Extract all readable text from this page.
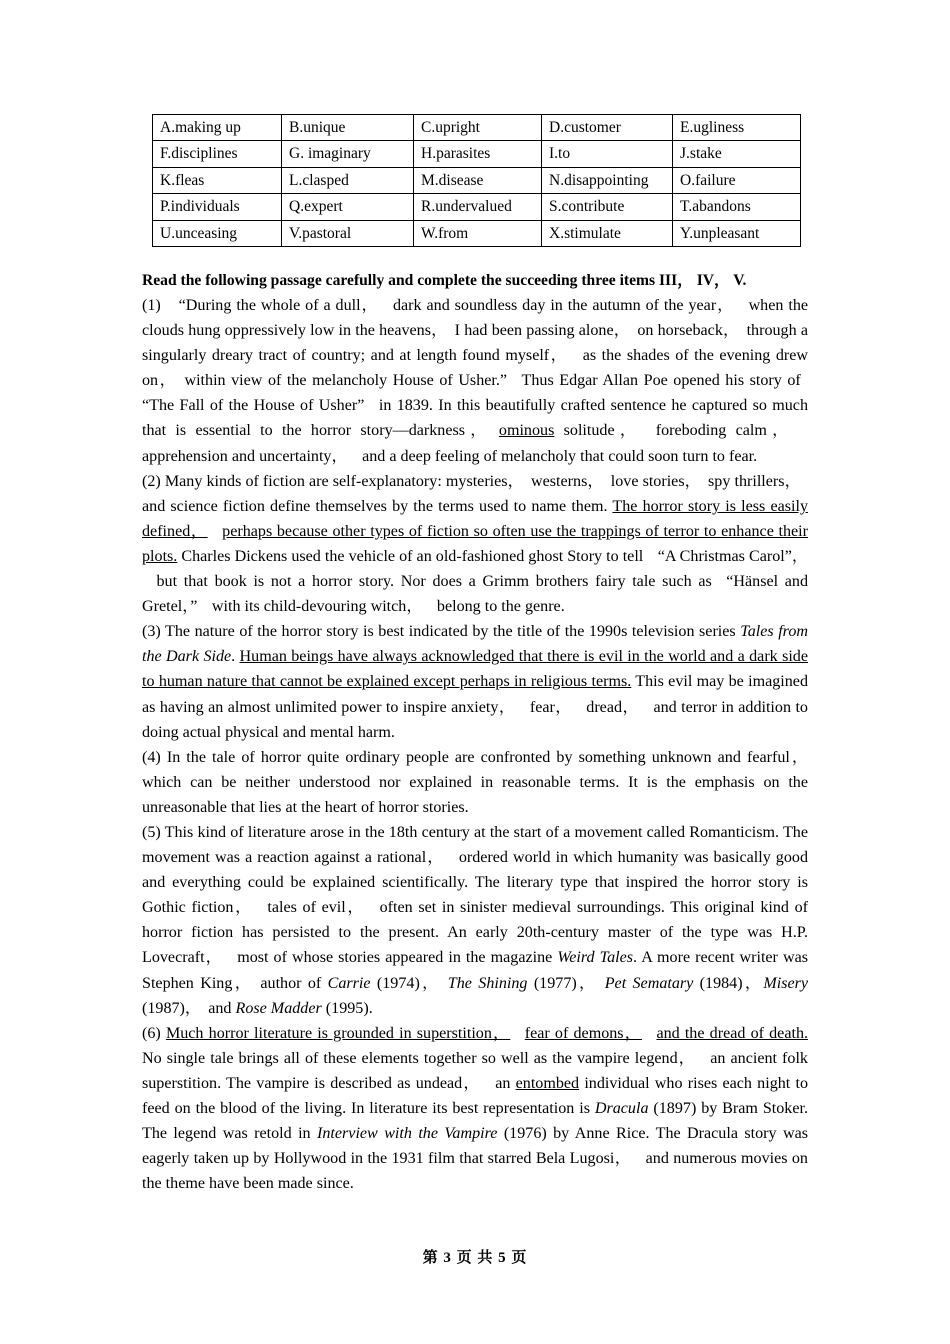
A.making up	B.unique	C.upright	D.customer	E.ugliness
F.disciplines	G. imaginary	H.parasites	I.to	J.stake
K.fleas	L.clasped	M.disease	N.disappointing	O.failure
P.individuals	Q.expert	R.undervalued	S.contribute	T.abandons
U.unceasing	V.pastoral	W.from	X.stimulate	Y.unpleasant

Read the following passage carefully and complete the succeeding three items III， IV， V.

(1)　“During the whole of a dull， dark and soundless day in the autumn of the year， when the clouds hung oppressively low in the heavens， I had been passing alone， on horseback， through a singularly dreary tract of country; and at length found myself， as the shades of the evening drew on， within view of the melancholy House of Usher.” Thus Edgar Allan Poe opened his story of“The Fall of the House of Usher” in 1839. In this beautifully crafted sentence he captured so much that is essential to the horror story—darkness， ominous solitude， foreboding calm，apprehension and uncertainty， and a deep feeling of melancholy that could soon turn to fear.

(2) Many kinds of fiction are self-explanatory: mysteries， westerns， love stories， spy thrillers，and science fiction define themselves by the terms used to name them. The horror story is less easily defined， perhaps because other types of fiction so often use the trappings of terror to enhance their plots. Charles Dickens used the vehicle of an old-fashioned ghost Story to tell “A Christmas Carol”，but that book is not a horror story. Nor does a Grimm brothers fairy tale such as “Hänsel and Gretel，” with its child-devouring witch， belong to the genre.

(3) The nature of the horror story is best indicated by the title of the 1990s television series Tales from the Dark Side. Human beings have always acknowledged that there is evil in the world and a dark side to human nature that cannot be explained except perhaps in religious terms. This evil may be imagined as having an almost unlimited power to inspire anxiety， fear， dread， and terror in addition to doing actual physical and mental harm.

(4) In the tale of horror quite ordinary people are confronted by something unknown and fearful，which can be neither understood nor explained in reasonable terms. It is the emphasis on the unreasonable that lies at the heart of horror stories.

(5) This kind of literature arose in the 18th century at the start of a movement called Romanticism. The movement was a reaction against a rational， ordered world in which humanity was basically good and everything could be explained scientifically. The literary type that inspired the horror story is Gothic fiction， tales of evil， often set in sinister medieval surroundings. This original kind of horror fiction has persisted to the present. An early 20th-century master of the type was H.P. Lovecraft， most of whose stories appeared in the magazine Weird Tales. A more recent writer was Stephen King， author of Carrie (1974)， The Shining (1977)， Pet Sematary (1984)，Misery (1987)， and Rose Madder (1995).

(6) Much horror literature is grounded in superstition， fear of demons， and the dread of death. No single tale brings all of these elements together so well as the vampire legend， an ancient folk superstition. The vampire is described as undead， an entombed individual who rises each night to feed on the blood of the living. In literature its best representation is Dracula (1897) by Bram Stoker. The legend was retold in Interview with the Vampire (1976) by Anne Rice. The Dracula story was eagerly taken up by Hollywood in the 1931 film that starred Bela Lugosi， and numerous movies on the theme have been made since.

第 3 页 共 5 页
